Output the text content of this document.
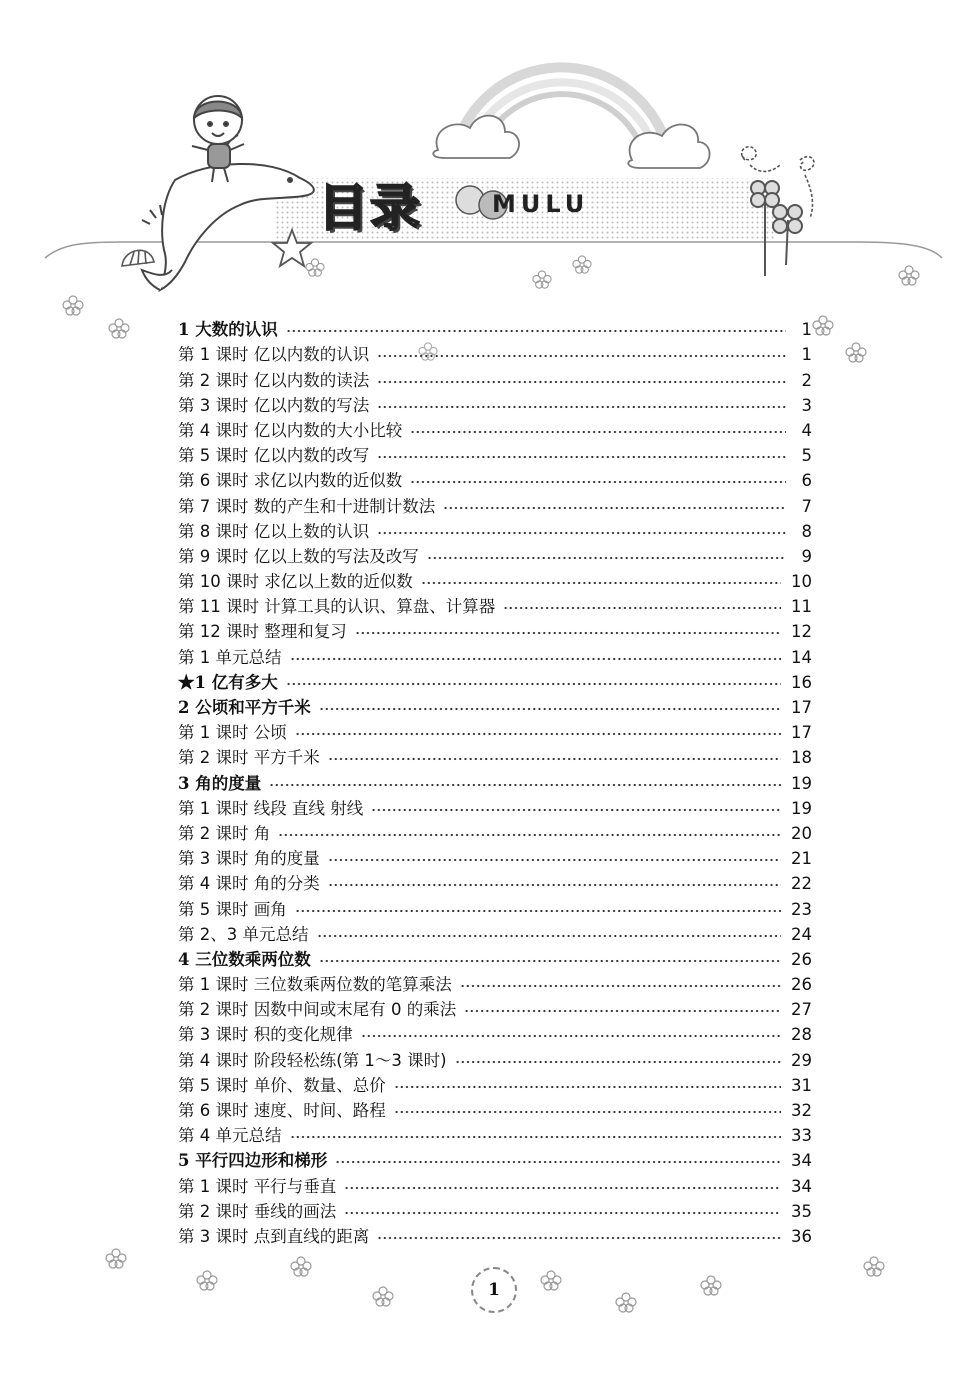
目录	MULU
1 大数的认识	1
第 1 课时 亿以内数的认识	1
第 2 课时 亿以内数的读法	2
第 3 课时 亿以内数的写法	3
第 4 课时 亿以内数的大小比较	4
第 5 课时 亿以内数的改写	5
第 6 课时 求亿以内数的近似数	6
第 7 课时 数的产生和十进制计数法	7
第 8 课时 亿以上数的认识	8
第 9 课时 亿以上数的写法及改写	9
第 10 课时 求亿以上数的近似数	10
第 11 课时 计算工具的认识、算盘、计算器	11
第 12 课时 整理和复习	12
第 1 单元总结	14
★1 亿有多大	16
2 公顷和平方千米	17
第 1 课时 公顷	17
第 2 课时 平方千米	18
3 角的度量	19
第 1 课时 线段 直线 射线	19
第 2 课时 角	20
第 3 课时 角的度量	21
第 4 课时 角的分类	22
第 5 课时 画角	23
第 2、3 单元总结	24
4 三位数乘两位数	26
第 1 课时 三位数乘两位数的笔算乘法	26
第 2 课时 因数中间或末尾有 0 的乘法	27
第 3 课时 积的变化规律	28
第 4 课时 阶段轻松练(第 1～3 课时)	29
第 5 课时 单价、数量、总价	31
第 6 课时 速度、时间、路程	32
第 4 单元总结	33
5 平行四边形和梯形	34
第 1 课时 平行与垂直	34
第 2 课时 垂线的画法	35
第 3 课时 点到直线的距离	36
1
